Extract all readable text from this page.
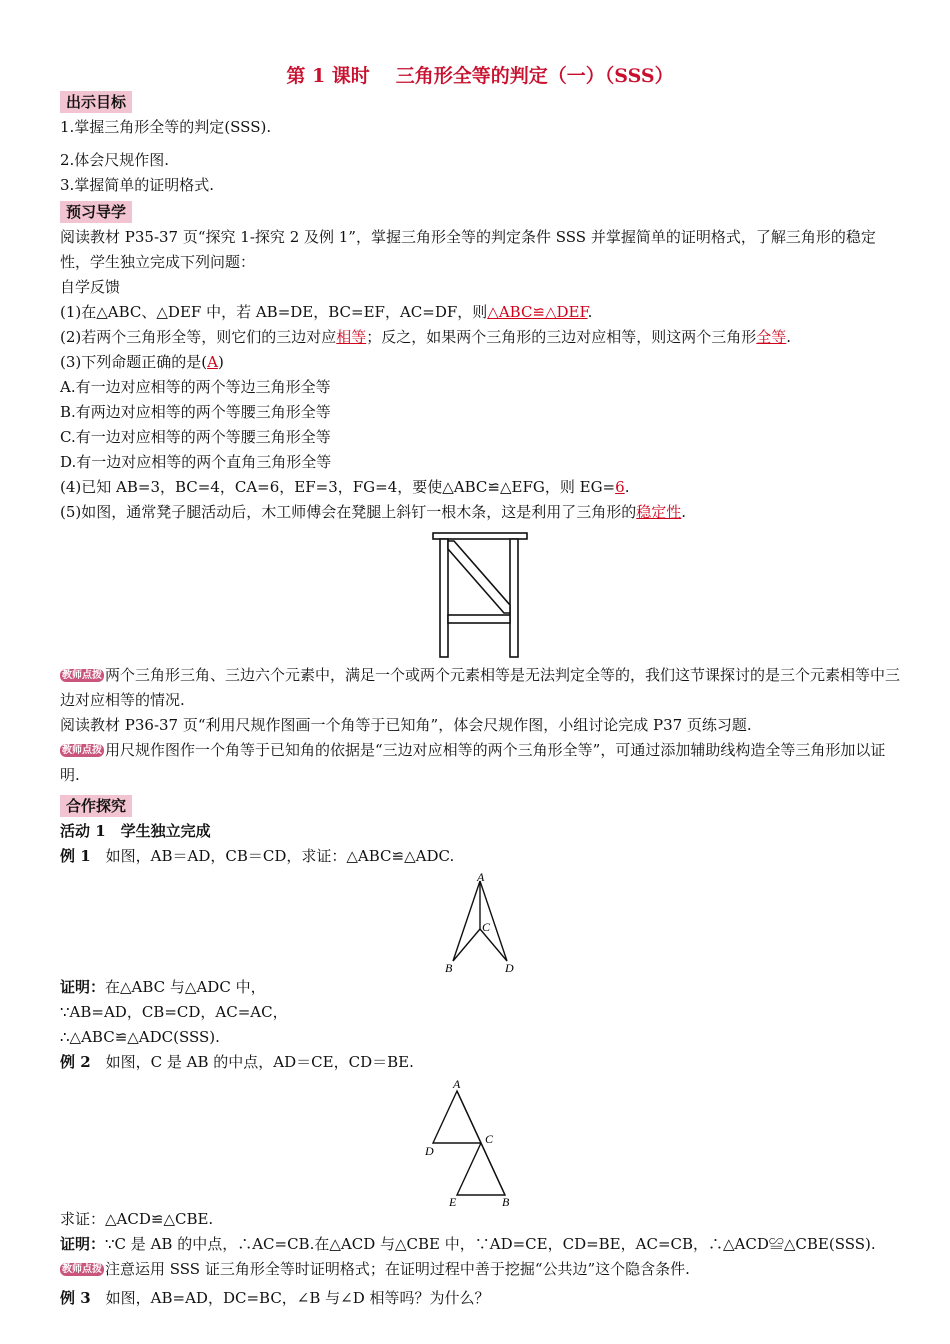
第 1 课时 三角形全等的判定（一）（SSS）
出示目标
1.掌握三角形全等的判定(SSS).
2.体会尺规作图.
3.掌握简单的证明格式.
预习导学
阅读教材 P35-37 页“探究 1-探究 2 及例 1”，掌握三角形全等的判定条件 SSS 并掌握简单的证明格式，了解三角形的稳定性，学生独立完成下列问题：
自学反馈
(1)在△ABC、△DEF 中，若 AB=DE，BC=EF，AC=DF，则△ABC≌△DEF.
(2)若两个三角形全等，则它们的三边对应相等；反之，如果两个三角形的三边对应相等，则这两个三角形全等.
(3)下列命题正确的是(A)
A.有一边对应相等的两个等边三角形全等
B.有两边对应相等的两个等腰三角形全等
C.有一边对应相等的两个等腰三角形全等
D.有一边对应相等的两个直角三角形全等
(4)已知 AB=3，BC=4，CA=6，EF=3，FG=4，要使△ABC≌△EFG，则 EG=6.
(5)如图，通常凳子腿活动后，木工师傅会在凳腿上斜钉一根木条，这是利用了三角形的稳定性.
教师点拨 两个三角形三角、三边六个元素中，满足一个或两个元素相等是无法判定全等的，我们这节课探讨的是三个元素相等中三边对应相等的情况.
阅读教材 P36-37 页“利用尺规作图画一个角等于已知角”，体会尺规作图，小组讨论完成 P37 页练习题.
教师点拨 用尺规作图作一个角等于已知角的依据是“三边对应相等的两个三角形全等”，可通过添加辅助线构造全等三角形加以证明.
合作探究
活动 1　学生独立完成
例 1　如图，AB＝AD，CB＝CD，求证：△ABC≌△ADC.
A
C
B	D
证明：在△ABC 与△ADC 中，
∵AB=AD，CB=CD，AC=AC，
∴△ABC≌△ADC(SSS).
例 2　如图，C 是 AB 的中点，AD＝CE，CD＝BE.
A
D
C
E	B
求证：△ACD≌△CBE.
证明：∵C 是 AB 的中点，∴AC=CB.在△ACD 与△CBE 中，∵AD=CE，CD=BE，AC=CB，∴△ACD≌△CBE(SSS).
教师点拨 注意运用 SSS 证三角形全等时证明格式；在证明过程中善于挖掘“公共边”这个隐含条件.
例 3　如图，AB=AD，DC=BC，∠B 与∠D 相等吗？为什么？
